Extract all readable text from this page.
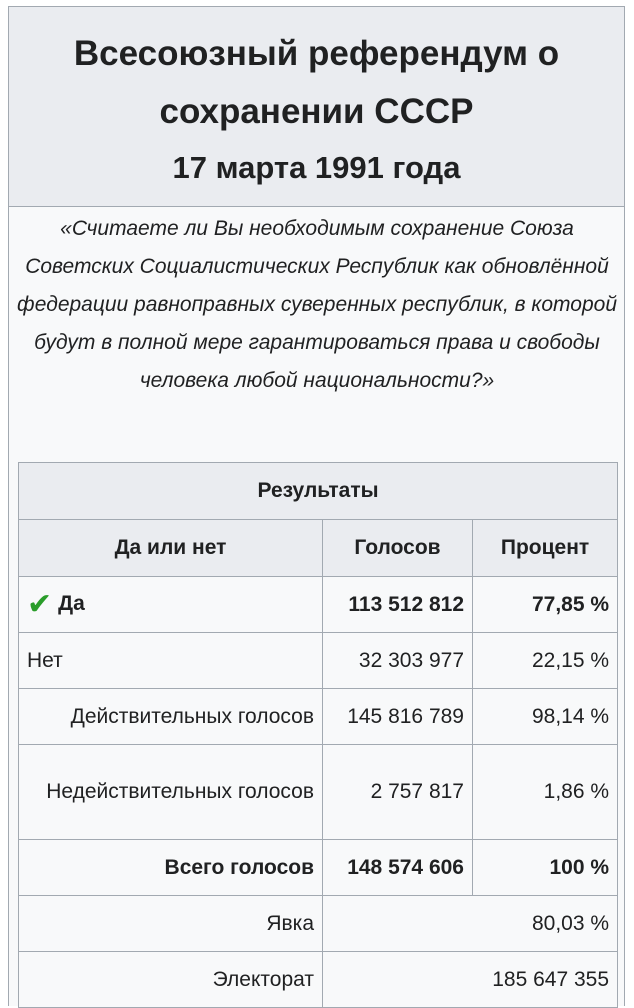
Всесоюзный референдум о сохранении СССР
17 марта 1991 года
«Считаете ли Вы необходимым сохранение Союза Советских Социалистических Республик как обновлённой федерации равноправных суверенных республик, в которой будут в полной мере гарантироваться права и свободы человека любой национальности?»
Результаты		
Да или нет	Голосов	Процент
✔ Да	113 512 812	77,85 %
Нет	32 303 977	22,15 %
Действительных голосов	145 816 789	98,14 %
Недействительных голосов	2 757 817	1,86 %
Всего голосов	148 574 606	100 %
Явка	80,03 %	
Электорат	185 647 355	
